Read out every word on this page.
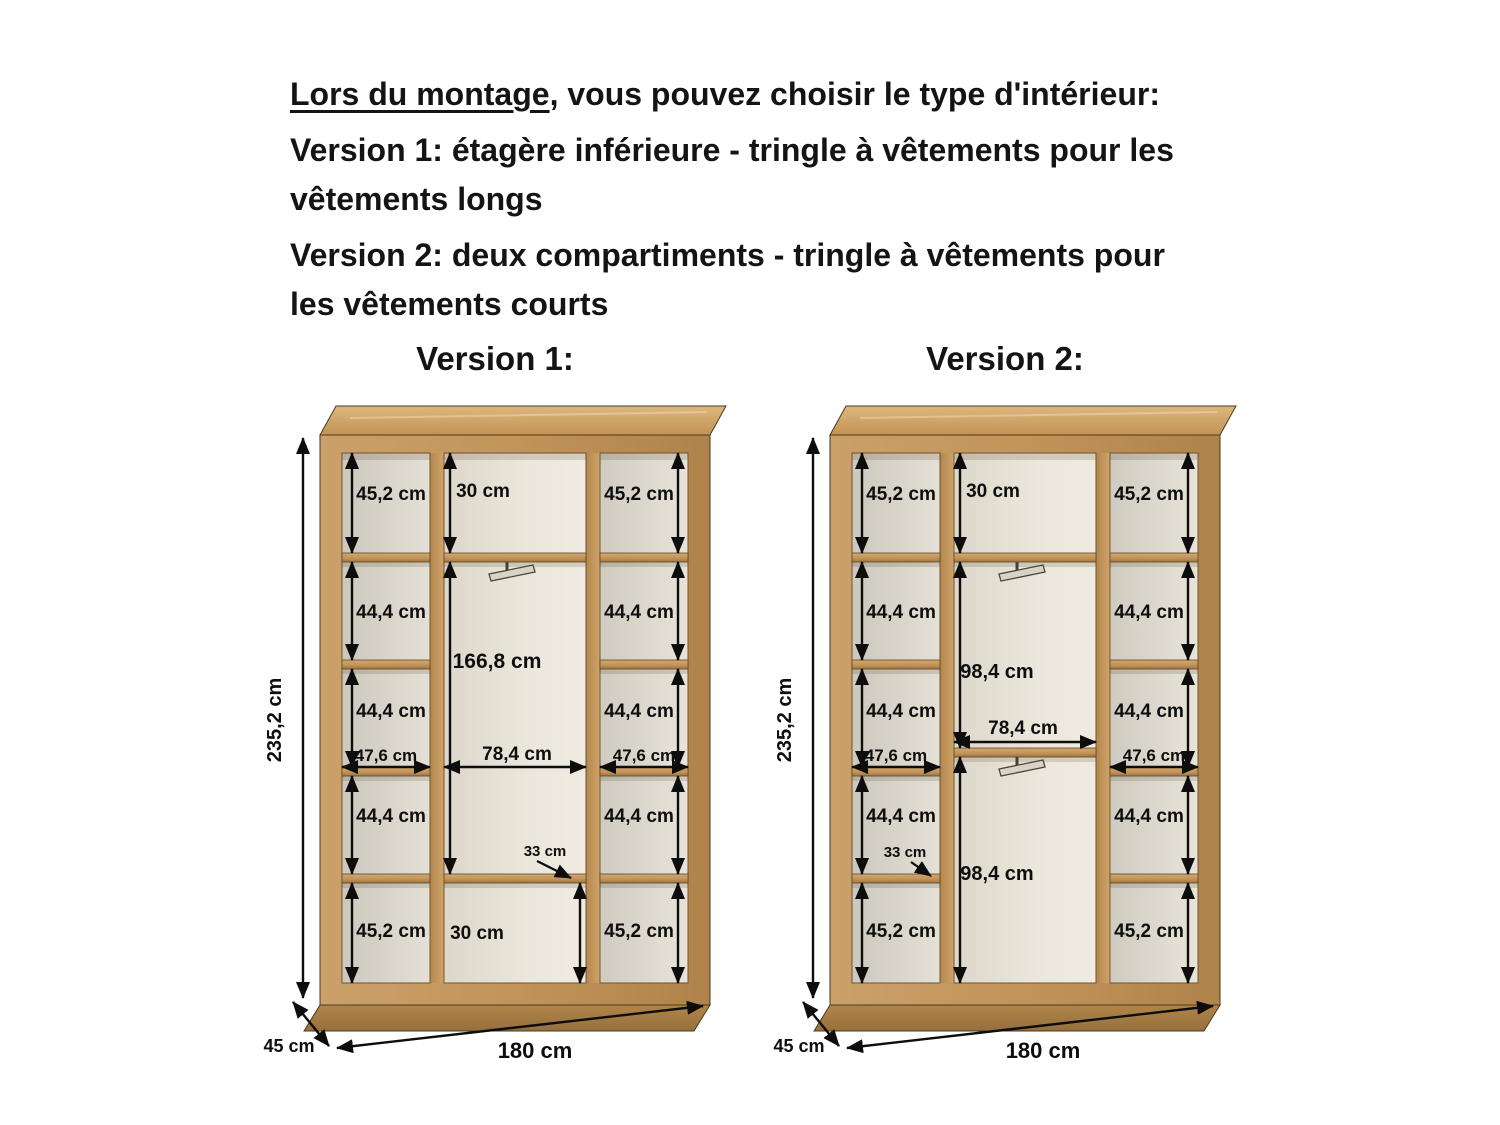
Lors du montage, vous pouvez choisir le type d'intérieur:
Version 1: étagère inférieure - tringle à vêtements pour les
vêtements longs
Version 2: deux compartiments - tringle à vêtements pour
les vêtements courts
Version 1:
235,2 cm
45,2 cm
44,4 cm
44,4 cm
44,4 cm
45,2 cm
47,6 cm
45,2 cm
44,4 cm
44,4 cm
44,4 cm
45,2 cm
47,6 cm
30 cm
166,8 cm
78,4 cm
30 cm
33 cm
180 cm
45 cm
Version 2:
235,2 cm
45,2 cm
44,4 cm
44,4 cm
44,4 cm
45,2 cm
47,6 cm
33 cm
45,2 cm
44,4 cm
44,4 cm
44,4 cm
45,2 cm
47,6 cm
30 cm
98,4 cm
78,4 cm
98,4 cm
180 cm
45 cm
